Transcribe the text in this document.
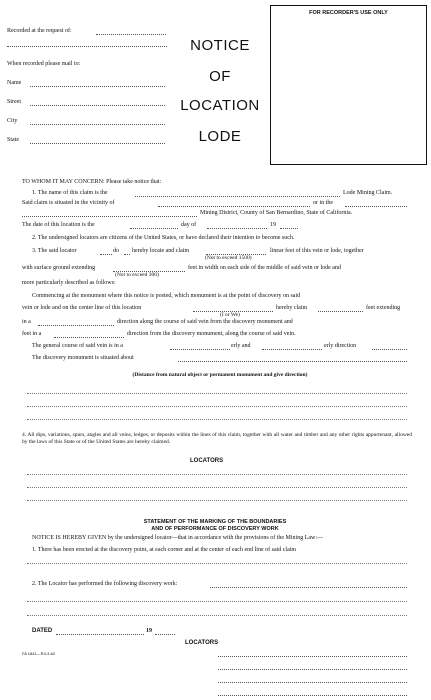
Recorded at the request of:
When recorded please mail to:
Name
Street
City
State
NOTICE
OF
LOCATION
LODE
FOR RECORDER'S USE ONLY
TO WHOM IT MAY CONCERN: Please take notice that:
1. The name of this claim is the	Lode Mining Claim.
Said claim is situated in the vicinity of	or in the
Mining District, County of San Bernardino, State of California.
The date of this location is the	day of	19
2. The undersigned locators are citizens of the United States, or have declared their intention to become such.
3. The said locator	do hereby locate and claim	linear feet of this vein or lode, together
(Not to exceed 1500)
with surface ground extending	feet in width on each side of the middle of said vein or lode and
(Not to exceed 300)
more particularly described as follows:
Commencing at the monument where this notice is posted, which monument is at the point of discovery on said
vein or lode and on the center line of this location	hereby claim	feet extending
(I or We)
in a	direction along the course of said vein from the discovery monument and
feet in a	direction from the discovery monument, along the course of said vein.
The general course of said vein is in a	erly and	erly direction
The discovery monument is situated about
(Distance from natural object or permanent monument and give direction)
4. All dips, variations, spurs, angles and all veins, ledges, or deposits within the lines of this claim, together with all water and timber and any other rights appurtenant, allowed by the laws of this State or of the United States are hereby claimed.
LOCATORS
STATEMENT OF THE MARKING OF THE BOUNDARIES
AND OF PERFORMANCE OF DISCOVERY WORK
NOTICE IS HEREBY GIVEN by the undersigned locator—that in accordance with the provisions of the Mining Law:—
1. There has been erected at the discovery point, at each corner and at the center of each end line of said claim
2. The Locator has performed the following discovery work:
DATED	19
LOCATORS
FA 1841—R4-3-62
